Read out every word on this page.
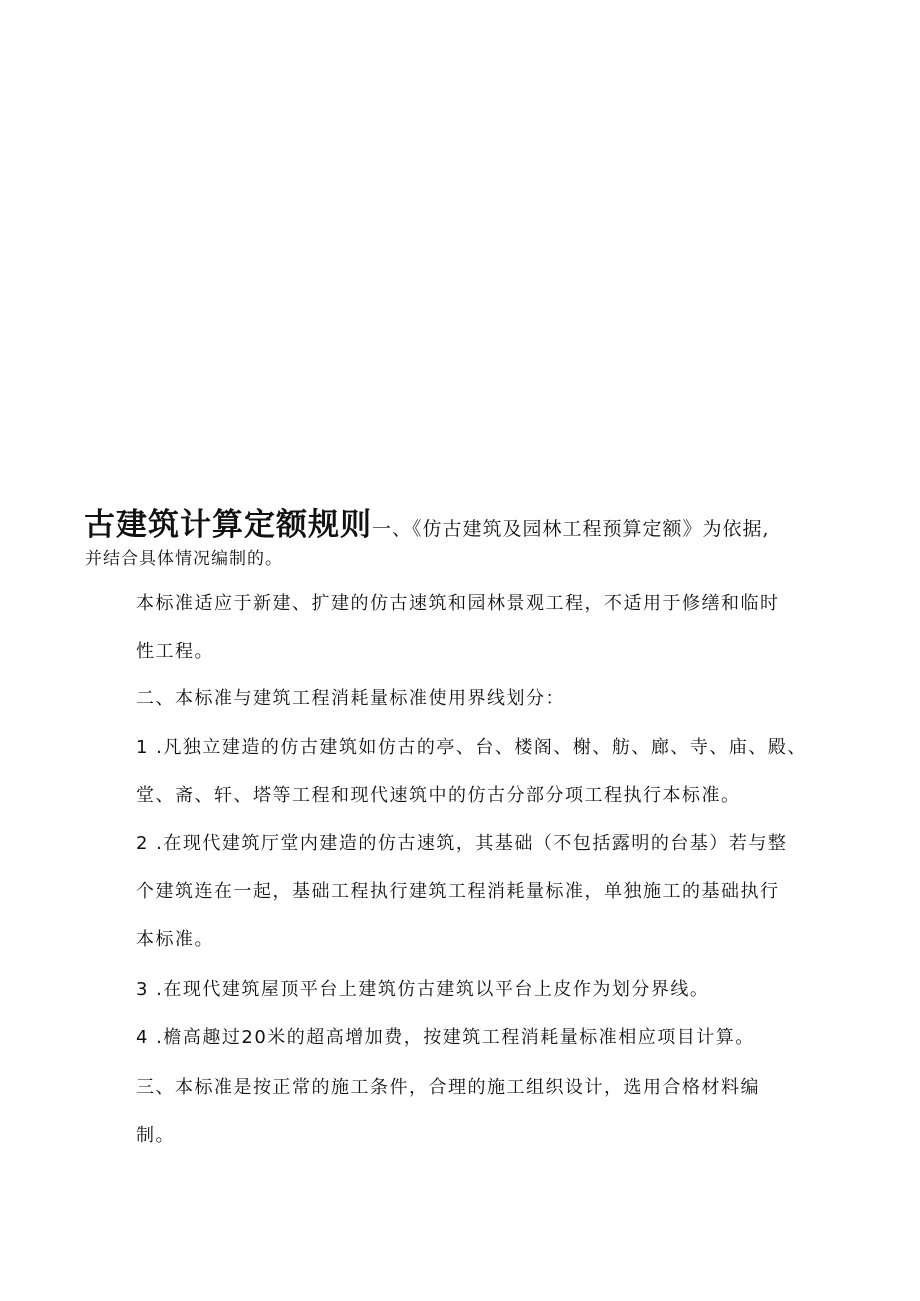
古建筑计算定额规则一、《仿古建筑及园林工程预算定额》为依据,
并结合具体情况编制的。
本标准适应于新建、扩建的仿古速筑和园林景观工程，不适用于修缮和临时
性工程。
二、本标准与建筑工程消耗量标准使用界线划分：
1 .凡独立建造的仿古建筑如仿古的亭、台、楼阁、榭、舫、廊、寺、庙、殿、
堂、斋、轩、塔等工程和现代速筑中的仿古分部分项工程执行本标准。
2 .在现代建筑厅堂内建造的仿古速筑，其基础（不包括露明的台基）若与整
个建筑连在一起，基础工程执行建筑工程消耗量标准，单独施工的基础执行
本标准。
3 .在现代建筑屋顶平台上建筑仿古建筑以平台上皮作为划分界线。
4 .檐高趣过20米的超高增加费，按建筑工程消耗量标准相应项目计算。
三、本标准是按正常的施工条件，合理的施工组织设计，选用合格材料编
制。
